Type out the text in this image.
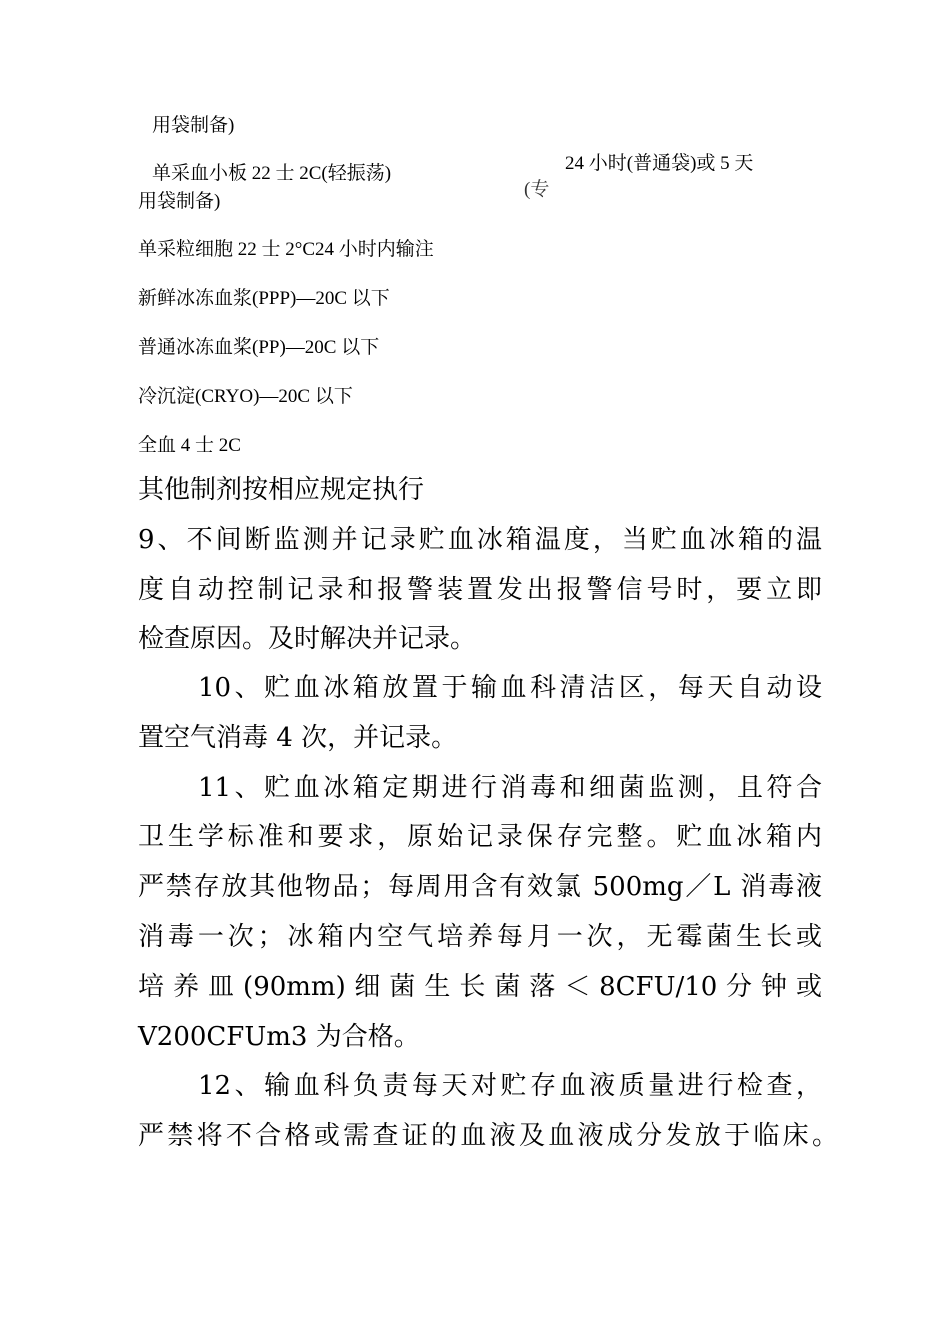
用袋制备)
单采血小板 22 士 2C(轻振荡)	24 小时(普通袋)或 5 天
(专
用袋制备)
单采粒细胞 22 士 2°C24 小时内输注
新鲜冰冻血浆(PPP)—20C 以下
普通冰冻血桨(PP)—20C 以下
冷沉淀(CRYO)—20C 以下
全血 4 士 2C
其他制剂按相应规定执行
9、不间断监测并记录贮血冰箱温度，当贮血冰箱的温
度自动控制记录和报警装置发出报警信号时，要立即
检查原因。及时解决并记录。
10、贮血冰箱放置于输血科清洁区，每天自动设
置空气消毒 4 次，并记录。
11、贮血冰箱定期进行消毒和细菌监测，且符合
卫生学标准和要求，原始记录保存完整。贮血冰箱内
严禁存放其他物品；每周用含有效氯 500mg／L 消毒液
消毒一次；冰箱内空气培养每月一次，无霉菌生长或
培 养 皿 (90mm) 细 菌 生 长 菌 落 ＜ 8CFU/10 分 钟 或
V200CFUm3 为合格。
12、输血科负责每天对贮存血液质量进行检查，
严禁将不合格或需查证的血液及血液成分发放于临床。
